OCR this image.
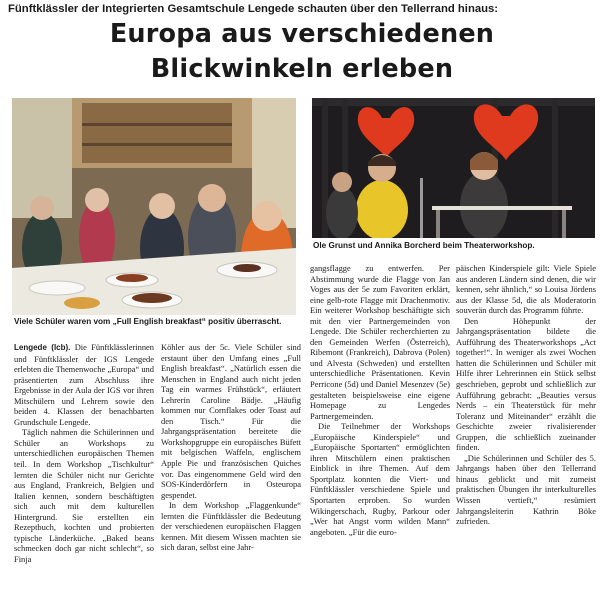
Fünftklässler der Integrierten Gesamtschule Lengede schauten über den Tellerrand hinaus:
Europa aus verschiedenen
Blickwinkeln erleben
Viele Schüler waren vom „Full English breakfast“ positiv überrascht.
Ole Grunst und Annika Borcherd beim Theaterworkshop.

Lengede (lcb). Die Fünftklässlerinnen und Fünftklässler der IGS Lengede erlebten die Themenwoche „Europa“ und präsentierten zum Abschluss ihre Ergebnisse in der Aula der IGS vor ihren Mitschülern und Lehrern sowie den beiden 4. Klassen der benachbarten Grundschule Lengede.

Täglich nahmen die Schülerinnen und Schüler an Workshops zu unterschiedlichen europäischen Themen teil. In dem Workshop „Tischkultur“ lernten die Schüler nicht nur Gerichte aus England, Frankreich, Belgien und Italien kennen, sondern beschäftigten sich auch mit dem kulturellen Hintergrund. Sie erstellten ein Rezeptbuch, kochten und probierten typische Länderküche. „Baked beans schmecken doch gar nicht schlecht“, so Finja

Köhler aus der 5c. Viele Schüler sind erstaunt über den Umfang eines „Full English breakfast“. „Natürlich essen die Menschen in England auch nicht jeden Tag ein warmes Frühstück“, erläutert Lehrerin Caroline Bädje. „Häufig kommen nur Cornflakes oder Toast auf den Tisch.“ Für die Jahrgangspräsentation bereitete die Workshopgruppe ein europäisches Büfett mit belgischen Waffeln, englischem Apple Pie und französischen Quiches vor. Das eingenommene Geld wird den SOS-Kinderdörfern in Osteuropa gespendet.

In dem Workshop „Flaggenkunde“ lernten die Fünftklässler die Bedeutung der verschiedenen europäischen Flaggen kennen. Mit diesem Wissen machten sie sich daran, selbst eine Jahr-

gangsflagge zu entwerfen. Per Abstimmung wurde die Flagge von Jan Voges aus der 5e zum Favoriten erklärt, eine gelb-rote Flagge mit Drachenmotiv. Ein weiterer Workshop beschäftigte sich mit den vier Partnergemeinden von Lengede. Die Schüler recherchierten zu den Gemeinden Werfen (Österreich), Ribemont (Frankreich), Dabrova (Polen) und Alvesta (Schweden) und erstellten unterschiedliche Präsentationen. Kevin Perricone (5d) und Daniel Mesenzev (5e) gestalteten beispielsweise eine eigene Homepage zu Lengedes Partnergemeinden.

Die Teilnehmer der Workshops „Europäische Kinderspiele“ und „Europäische Sportarten“ ermöglichten ihren Mitschülern einen praktischen Einblick in ihre Themen. Auf dem Sportplatz konnten die Viert- und Fünftklässler verschiedene Spiele und Sportarten erproben. So wurden Wikingerschach, Rugby, Parkour oder „Wer hat Angst vorm wilden Mann“ angeboten. „Für die euro-

päischen Kinderspiele gilt: Viele Spiele aus anderen Ländern sind denen, die wir kennen, sehr ähnlich,“ so Louisa Jördens aus der Klasse 5d, die als Moderatorin souverän durch das Programm führte.

Den Höhepunkt der Jahrgangspräsentation bildete die Aufführung des Theaterworkshops „Act together!“. In weniger als zwei Wochen hatten die Schülerinnen und Schüler mit Hilfe ihrer Lehrerinnen ein Stück selbst geschrieben, geprobt und schließlich zur Aufführung gebracht: „Beauties versus Nerds – ein Theaterstück für mehr Toleranz und Miteinander“ erzählt die Geschichte zweier rivalisierender Gruppen, die schließlich zueinander finden.

„Die Schülerinnen und Schüler des 5. Jahrgangs haben über den Tellerrand hinaus geblickt und mit zumeist praktischen Übungen ihr interkulturelles Wissen vertieft,“ resümiert Jahrgangsleiterin Kathrin Böke zufrieden.
